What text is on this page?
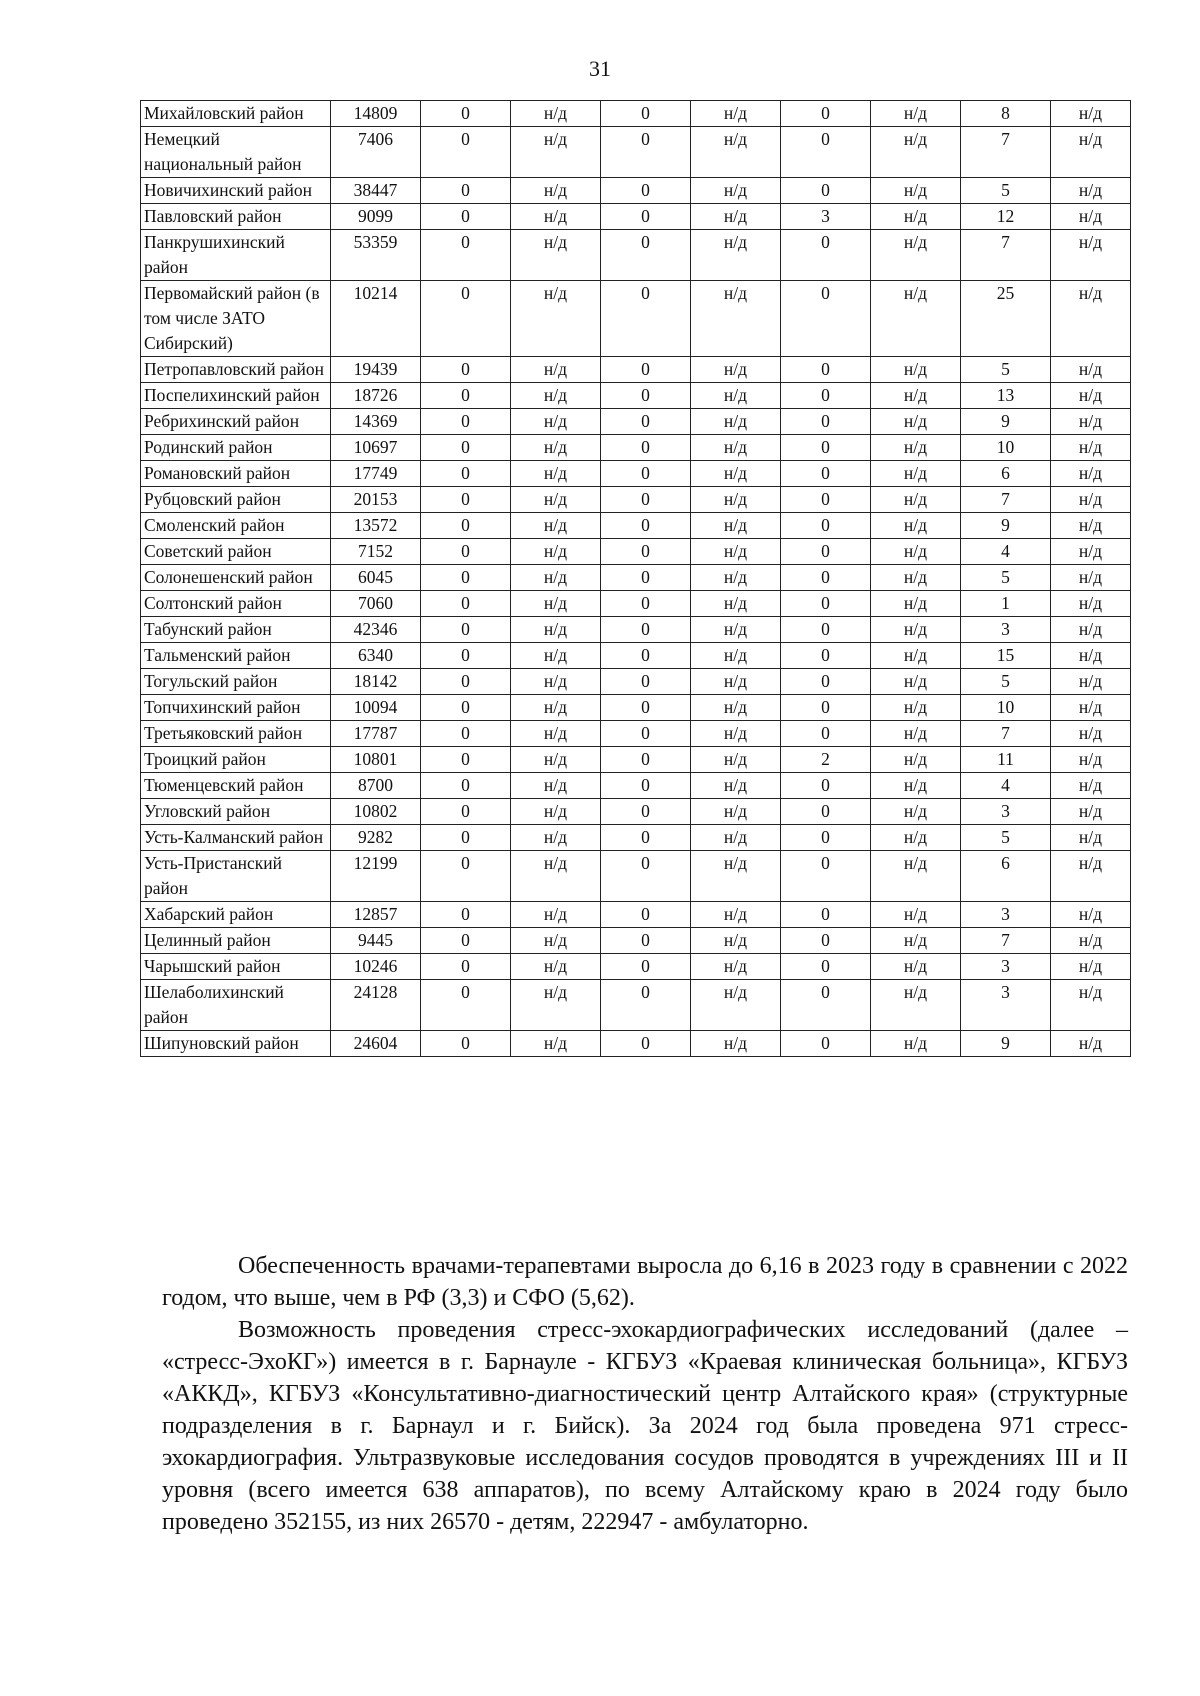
31
Михайловский район	14809	0	н/д	0	н/д	0	н/д	8	н/д
Немецкий национальный район	7406	0	н/д	0	н/д	0	н/д	7	н/д
Новичихинский район	38447	0	н/д	0	н/д	0	н/д	5	н/д
Павловский район	9099	0	н/д	0	н/д	3	н/д	12	н/д
Панкрушихинский район	53359	0	н/д	0	н/д	0	н/д	7	н/д
Первомайский район (в том числе ЗАТО Сибирский)	10214	0	н/д	0	н/д	0	н/д	25	н/д
Петропавловский район	19439	0	н/д	0	н/д	0	н/д	5	н/д
Поспелихинский район	18726	0	н/д	0	н/д	0	н/д	13	н/д
Ребрихинский район	14369	0	н/д	0	н/д	0	н/д	9	н/д
Родинский район	10697	0	н/д	0	н/д	0	н/д	10	н/д
Романовский район	17749	0	н/д	0	н/д	0	н/д	6	н/д
Рубцовский район	20153	0	н/д	0	н/д	0	н/д	7	н/д
Смоленский район	13572	0	н/д	0	н/д	0	н/д	9	н/д
Советский район	7152	0	н/д	0	н/д	0	н/д	4	н/д
Солонешенский район	6045	0	н/д	0	н/д	0	н/д	5	н/д
Солтонский район	7060	0	н/д	0	н/д	0	н/д	1	н/д
Табунский район	42346	0	н/д	0	н/д	0	н/д	3	н/д
Тальменский район	6340	0	н/д	0	н/д	0	н/д	15	н/д
Тогульский район	18142	0	н/д	0	н/д	0	н/д	5	н/д
Топчихинский район	10094	0	н/д	0	н/д	0	н/д	10	н/д
Третьяковский район	17787	0	н/д	0	н/д	0	н/д	7	н/д
Троицкий район	10801	0	н/д	0	н/д	2	н/д	11	н/д
Тюменцевский район	8700	0	н/д	0	н/д	0	н/д	4	н/д
Угловский район	10802	0	н/д	0	н/д	0	н/д	3	н/д
Усть-Калманский район	9282	0	н/д	0	н/д	0	н/д	5	н/д
Усть-Пристанский район	12199	0	н/д	0	н/д	0	н/д	6	н/д
Хабарский район	12857	0	н/д	0	н/д	0	н/д	3	н/д
Целинный район	9445	0	н/д	0	н/д	0	н/д	7	н/д
Чарышский район	10246	0	н/д	0	н/д	0	н/д	3	н/д
Шелаболихинский район	24128	0	н/д	0	н/д	0	н/д	3	н/д
Шипуновский район	24604	0	н/д	0	н/д	0	н/д	9	н/д

Обеспеченность врачами-терапевтами выросла до 6,16 в 2023 году в сравнении с 2022 годом, что выше, чем в РФ (3,3) и СФО (5,62).

Возможность проведения стресс-эхокардиографических исследований (далее – «стресс-ЭхоКГ») имеется в г. Барнауле - КГБУЗ «Краевая клиническая больница», КГБУЗ «АККД», КГБУЗ «Консультативно-диагностический центр Алтайского края» (структурные подразделения в г. Барнаул и г. Бийск). За 2024 год была проведена 971 стресс-эхокардиография. Ультразвуковые исследования сосудов проводятся в учреждениях III и II уровня (всего имеется 638 аппаратов), по всему Алтайскому краю в 2024 году было проведено 352155, из них 26570 - детям, 222947 - амбулаторно.
